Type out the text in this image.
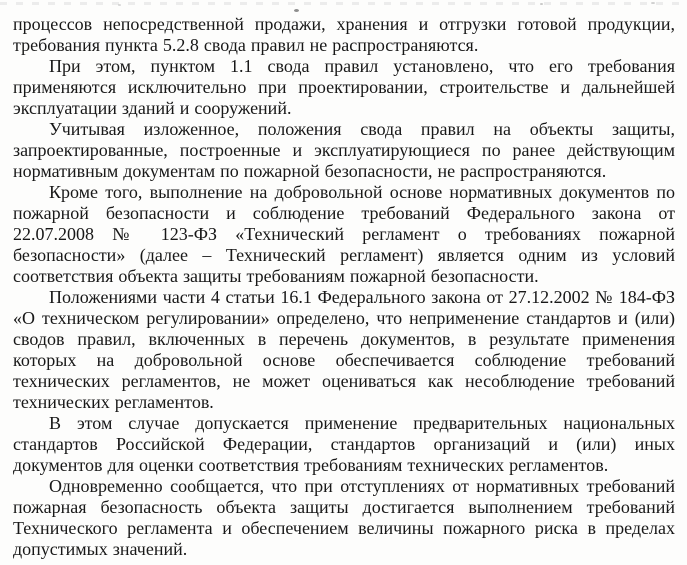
процессов непосредственной продажи, хранения и отгрузки готовой продукции, требования пункта 5.2.8 свода правил не распространяются.

При этом, пунктом 1.1 свода правил установлено, что его требования применяются исключительно при проектировании, строительстве и дальнейшей эксплуатации зданий и сооружений.

Учитывая изложенное, положения свода правил на объекты защиты, запроектированные, построенные и эксплуатирующиеся по ранее действующим нормативным документам по пожарной безопасности, не распространяются.

Кроме того, выполнение на добровольной основе нормативных документов по пожарной безопасности и соблюдение требований Федерального закона от 22.07.2008 № 123-ФЗ «Технический регламент о требованиях пожарной безопасности» (далее – Технический регламент) является одним из условий соответствия объекта защиты требованиям пожарной безопасности.

Положениями части 4 статьи 16.1 Федерального закона от 27.12.2002 № 184-ФЗ «О техническом регулировании» определено, что неприменение стандартов и (или) сводов правил, включенных в перечень документов, в результате применения которых на добровольной основе обеспечивается соблюдение требований технических регламентов, не может оцениваться как несоблюдение требований технических регламентов.

В этом случае допускается применение предварительных национальных стандартов Российской Федерации, стандартов организаций и (или) иных документов для оценки соответствия требованиям технических регламентов.

Одновременно сообщается, что при отступлениях от нормативных требований пожарная безопасность объекта защиты достигается выполнением требований Технического регламента и обеспечением величины пожарного риска в пределах допустимых значений.
